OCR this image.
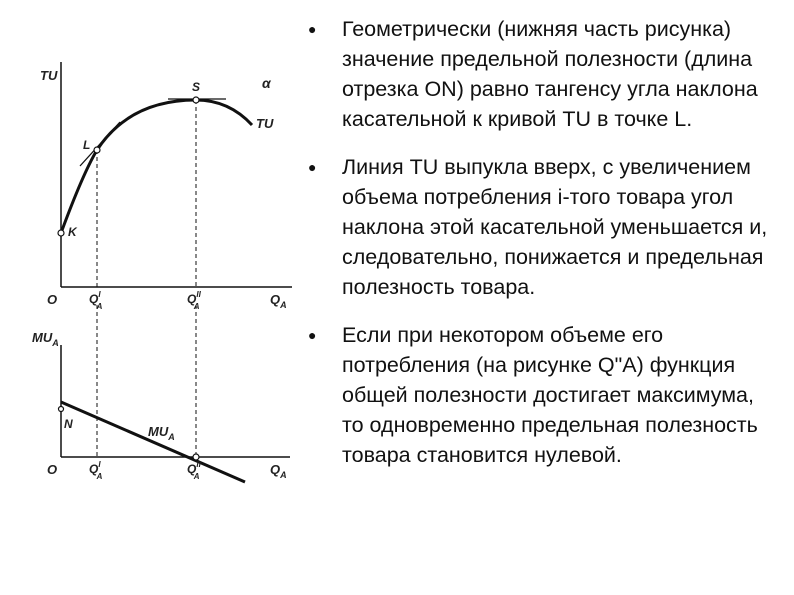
TU
O	$Q_A$
TU
α
K
L
S
$Q^I$ A
$Q^{II}$ A
$MU_A$
O	$Q_A$
$MU_A$
N
$Q^I$ A
$Q^{II}$ A
● Геометрически (нижняя часть рисунка) значение предельной полезности (длина отрезка ON) равно тангенсу угла наклона касательной к кривой TU в точке L.
● Линия TU выпукла вверх, с увеличением объема потребления i-того товара угол наклона этой касательной уменьшается и, следовательно, понижается и предельная полезность товара.
● Если при некотором объеме его потребления (на рисунке Q"A) функция общей полезности достигает максимума, то одновременно предельная полезность товара становится нулевой.
